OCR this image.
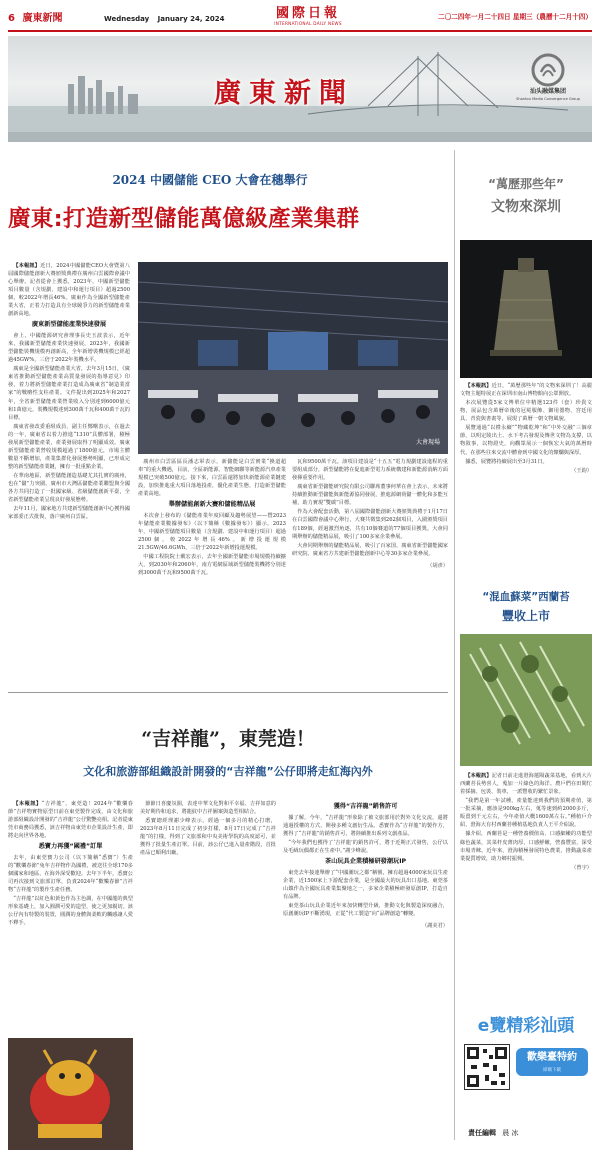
6 廣東新聞	Wednesday January 24, 2024	國際日報
INTERNATIONAL DAILY NEWS
二〇二四年一月二十四日 星期三（農曆十二月十四）
廣東新聞	汕头融媒集团
Shantou Media Convergence Group
2024 中國儲能 CEO 大會在穗舉行
廣東:打造新型儲能萬億級產業集群

【本報訊】近日，2024中國儲能CEO大會暨第八屆國際儲能創新大賽頒獎典禮在廣州白雲國際會議中心舉辦。記者從會上獲悉，2023年，中國新型儲能項目數量（含規劃、建設中和運行項目）超過2500個，較2022年增長46%。廣東作為全國新型儲能產業大省，正着力打造具有全球競爭力的新型儲能產業創新高地。

廣東新型儲能產業快速發展

會上，中國能源研究會理事長史玉波表示，近年來，我國新型儲能產業快速發展，2023年，我國新型儲能裝機規模再創新高，全年新增裝機規模已經超過45GW%，三倍于2022年裝機水平。

廣東是全國新型儲能產業大省，去年3月15日，《廣東省推動新型儲能產業高質量發展的指導意見》印發，着力將新型儲能產業打造成為廣東省“制造業當家”的戰略性支柱產業。文件提出到2025年和2027年，全省新型儲能產業營業收入分別達到6000億元和1萬億元，裝機規模達到300萬千瓦和400萬千瓦的目標。

廣東省發改委重組成員、副主任鄭曙表示，在過去的一年，廣東省以着力推進“1310”具體部署，積極發展新型儲能產業，產業發展取得了明顯成效。廣東新型儲能產業營收規模超過了1800億元，市場主體數量不斷增加，產業集群化發展態勢明顯，已形成完整的新型儲能產業鏈，擁有一批重點企業。

在華南地區，新型儲能創造基礎尤其扎實的廣州，也在“儲”力突圍。廣州市大灣區儲能產業聯盟與全國各方共同打造了一批國家級、省級儲能創新平臺，全省新型儲能產業呈現良好發展態勢。

去年11月，國家地方共建新型儲能創新中心獲得國家部委正式批復，落户廣州白雲區。

大會現場

廣州市白雲區區長潘志軍表示，新儲能是白雲實業“換道超車”的重大機遇，目前，全區新能源、智能網聯等新能源汽車產業規模已突破500億元。接下來，白雲區還將加快新能源産業鏈建設，加快推進重大項目落地投產，優化產業生態，打造新型儲能產業高地。

舉辦儲能創新大賽和儲能精品展

本次會上發布的《儲能產業年度回顧及趨勢展望——暨2023年儲能產業數據發布》（以下簡稱《數據發布》）顯示，2023年，中國新型儲能項目數量（含規劃、建設中和運行項目）超過2500個，較2022年增長46%。新增投運規模21.5GW/46.6GWh，三倍于2022年新增投運規模。

中國工程院院士戴宏表示，去年全國新型儲能市場規模持續擴大，到2030年和2060年，南方電網區域新型儲能裝機將分別達到3000萬千瓦和9500萬千瓦。

瓦和9500萬千瓦。該項目建設是“十五五”電力規劃建設進程的重要組成部分，新型儲能將在促進新型電力系統構建和新能源消納方面發揮重要作用。

廣東省新型儲能研究院有限公司聯席董事何華在會上表示，未來將持續推動新型儲能與新能源協同發展，推進源網荷儲一體化和多能互補，助力實現“雙碳”目標。

作為大會配套活動，第八屆國際儲能創新大賽頒獎典禮于1月17日在白雲國際會議中心舉行，大賽共徵集到262個項目，入圍頒獎項目有189個，經過激烈角逐，共有10個賽道的77個項目獲獎。大會同期舉辦的儲能精品展，吸引了100多家企業參展。

大會同期舉辦的儲能精品展，吸引了百家国、廣東省新型儲能國家研究院、廣東省方共建新型儲能創新中心等30多家企業參展。

（胡彥）
“吉祥龍”，東莞造！
文化和旅游部組織設計開發的“吉祥龍”公仔即將走紅海內外

【本報訊】“吉祥龍”，東莞造！2024年“歡樂春節”吉祥物實物原型日前在東莞製作完成，由文化和旅游部組織設計開發的“吉祥龍”公仔驚艷亮相。記者從東莞市商務局獲悉，該吉祥物由東莞市企業設計生產，即將走向世界各地。

悉寶力再獲“國禮”訂單

去年，由東莞寶力公司（以下簡稱“悉寶”）生產的“歡樂春節”兔年吉祥物作為國禮，被送往全球170多個國家和地區，在海外深受歡迎。去年下半年，悉寶公司再次接到文旅部訂單，負責2024年“歡樂春節”吉祥物“吉祥龍”的製作生產任務。

“吉祥龍”以紅色和黃色作為主色調，在中國龍的典型形象基礎上，加入圓潤可愛的造型，使之更加親切。該公仔內有特製的裝置，圓潤的身體與柔軟的觸感讓人愛不釋手。

節節日喜慶氛圍，表達中華文化對和平幸福、吉祥如意的美好期待和追求，將龍紋中吉祥圖案與造型相結合。

悉寶總經理謝少峰表示，經過一個多月的精心打磨，2023年8月11日完成了初步打樣，8月17日完成了“吉祥龍”的打樣，得到了文旅部和中央美術學院的高度認可，並獲得了批量生產訂單。目前，該公仔已進入量產階段，首批產品已順利出廠。

獲得“吉祥龍”銷售許可

據了解，今年，“吉祥龍”形象除了被文旅部用於對外文化交流，還將通過授權的方式，開發多種文創衍生品。悉寶作為“吉祥龍”的製作方，獲得了“吉祥龍”的銷售許可，將陸續推出系列文創產品。

“今年我們也獲得了‘吉祥龍’的銷售許可，將于近期正式發售，公仔以及毛絨玩偶都正在生產中。”謝少峰說。

茶山玩具企業積極研發潮玩IP

東莞去年接連舉辦了“中國潮玩之都”稱號，擁有超過4000家玩具生產企業，近1500家上下游配套企業，是全國最大的玩具出口基地。東莞茶山鎮作為全國玩具產業集聚地之一，多家企業積極研發原創IP，打造自有品牌。

東莞茶山玩具企業近年來加快轉型升級，推動文化與製造深度融合，原創潮玩IP不斷湧現，正從“代工製造”向“品牌創造”轉變。

（謝美君）
“萬歷那些年”
文物來深圳

【本報訊】近日，“萬歷那些年”的文物來深圳了！高麗文物主題特展正在深圳市南山博物館向公眾開放。

本次展覽從5家文博單位中精選123件（套）珍貴文物，展品包含萬曆帝後的冠冕服飾、御用器物、宮廷用具、青瓷與書畫等，展現了萬曆一朝文物風貌。

展覽通過“以禮永續”“物藏乾坤”和“中外交融”三個章節，以明定陵出土、水下考古發現及傳世文物為支撐，以物敘事，以物證史，向觀眾展示一個恢宏大氣的萬曆時代，在那些往來交流中體會到中國文化的燦爛與深厚。

據悉，展覽將持續展出至3月31日。

（王鈞）
“混血蘇菜”西蘭苔
豐收上市

【本報訊】記者日前走進澄海蓮陽蔬菜基地，看到大片西蘭苔長勢喜人，蒐加一片綠色的海洋。農戶們在田間忙着採摘、包裝、裝車，一派豐收的繁忙景象。

“我們是第一年試種，產量能達到我們的預期產值，第一批采摘，應該是900kg左右，蒐等速到約2000多斤，販賣到千元左右，今年產值大概1600萬左右。”種植戶介紹，澄海大有村西蘭苔種植基地負責人王平介紹說。

據介紹，西蘭苔是一種營養價值高、口感細嫩的功能型綠色蔬菜，其菜杆皮薄肉厚，口感鮮嫩，營養豐富，深受市場青睞。近年來，澄海積極發展特色農業，推動蔬菜產業提質增效，助力鄉村振興。

（曾宇）
e覽精彩汕頭
歡樂臺特約
掃碼下載
責任編輯 晨 冰
